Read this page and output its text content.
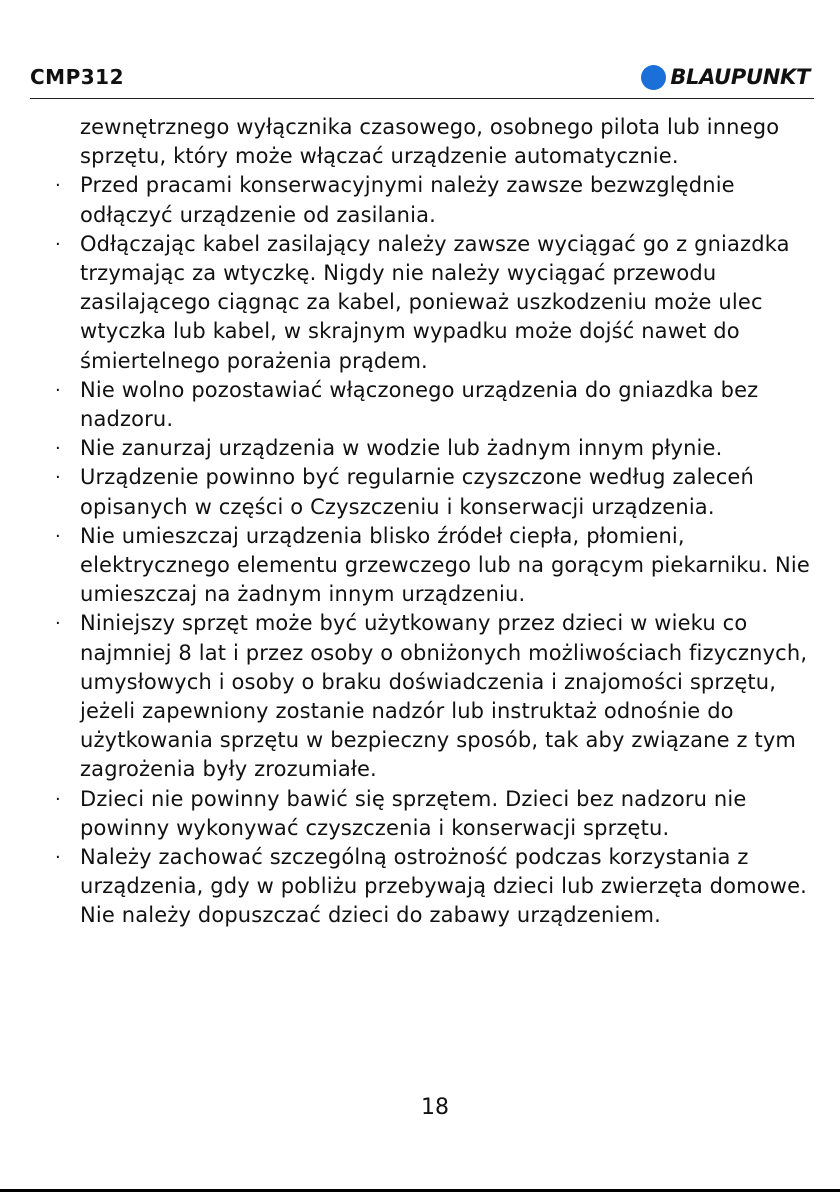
CMP312	BLAUPUNKT

zewnętrznego wyłącznika czasowego, osobnego pilota lub innego sprzętu, który może włączać urządzenie automatycznie.

· Przed pracami konserwacyjnymi należy zawsze bezwzględnie odłączyć urządzenie od zasilania.

· Odłączając kabel zasilający należy zawsze wyciągać go z gniazdka trzymając za wtyczkę. Nigdy nie należy wyciągać przewodu zasilającego ciągnąc za kabel, ponieważ uszkodzeniu może ulec wtyczka lub kabel, w skrajnym wypadku może dojść nawet do śmiertelnego porażenia prądem.

· Nie wolno pozostawiać włączonego urządzenia do gniazdka bez nadzoru.

· Nie zanurzaj urządzenia w wodzie lub żadnym innym płynie.

· Urządzenie powinno być regularnie czyszczone według zaleceń opisanych w części o Czyszczeniu i konserwacji urządzenia.

· Nie umieszczaj urządzenia blisko źródeł ciepła, płomieni, elektrycznego elementu grzewczego lub na gorącym piekarniku. Nie umieszczaj na żadnym innym urządzeniu.

· Niniejszy sprzęt może być użytkowany przez dzieci w wieku co najmniej 8 lat i przez osoby o obniżonych możliwościach fizycznych, umysłowych i osoby o braku doświadczenia i znajomości sprzętu, jeżeli zapewniony zostanie nadzór lub instruktaż odnośnie do użytkowania sprzętu w bezpieczny sposób, tak aby związane z tym zagrożenia były zrozumiałe.

· Dzieci nie powinny bawić się sprzętem. Dzieci bez nadzoru nie powinny wykonywać czyszczenia i konserwacji sprzętu.

· Należy zachować szczególną ostrożność podczas korzystania z urządzenia, gdy w pobliżu przebywają dzieci lub zwierzęta domowe. Nie należy dopuszczać dzieci do zabawy urządzeniem.

18
